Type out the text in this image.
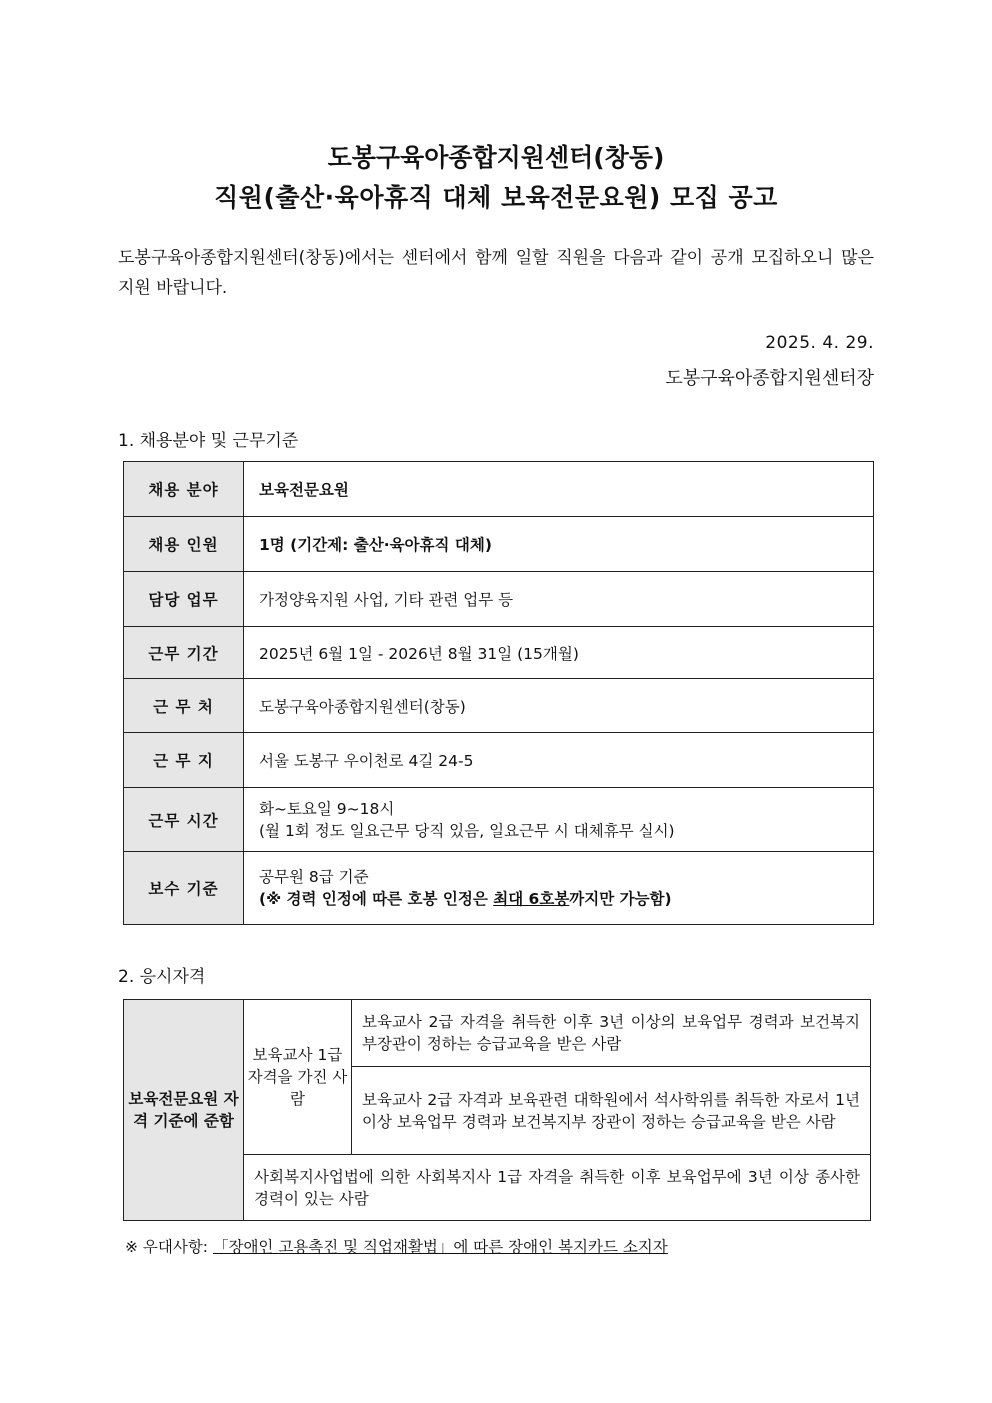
도봉구육아종합지원센터(창동)
직원(출산·육아휴직 대체 보육전문요원) 모집 공고
도봉구육아종합지원센터(창동)에서는 센터에서 함께 일할 직원을 다음과 같이 공개 모집하오니 많은 지원 바랍니다.
2025. 4. 29.
도봉구육아종합지원센터장
1. 채용분야 및 근무기준
채용 분야	보육전문요원
채용 인원	1명 (기간제: 출산·육아휴직 대체)
담당 업무	가정양육지원 사업, 기타 관련 업무 등
근무 기간	2025년 6월 1일 - 2026년 8월 31일 (15개월)
근 무 처	도봉구육아종합지원센터(창동)
근 무 지	서울 도봉구 우이천로 4길 24-5
근무 시간	화~토요일 9~18시
(월 1회 정도 일요근무 당직 있음, 일요근무 시 대체휴무 실시)

보수 기준	공무원 8급 기준
(※ 경력 인정에 따른 호봉 인정은 최대 6호봉까지만 가능함)
2. 응시자격
보육전문요원 자격 기준에 준함	보육교사 1급 자격을 가진 사람	보육교사 2급 자격을 취득한 이후 3년 이상의 보육업무 경력과 보건복지부장관이 정하는 승급교육을 받은 사람
보육교사 2급 자격과 보육관련 대학원에서 석사학위를 취득한 자로서 1년 이상 보육업무 경력과 보건복지부 장관이 정하는 승급교육을 받은 사람
사회복지사업법에 의한 사회복지사 1급 자격을 취득한 이후 보육업무에 3년 이상 종사한 경력이 있는 사람
※ 우대사항: 「장애인 고용촉진 및 직업재활법」에 따른 장애인 복지카드 소지자
